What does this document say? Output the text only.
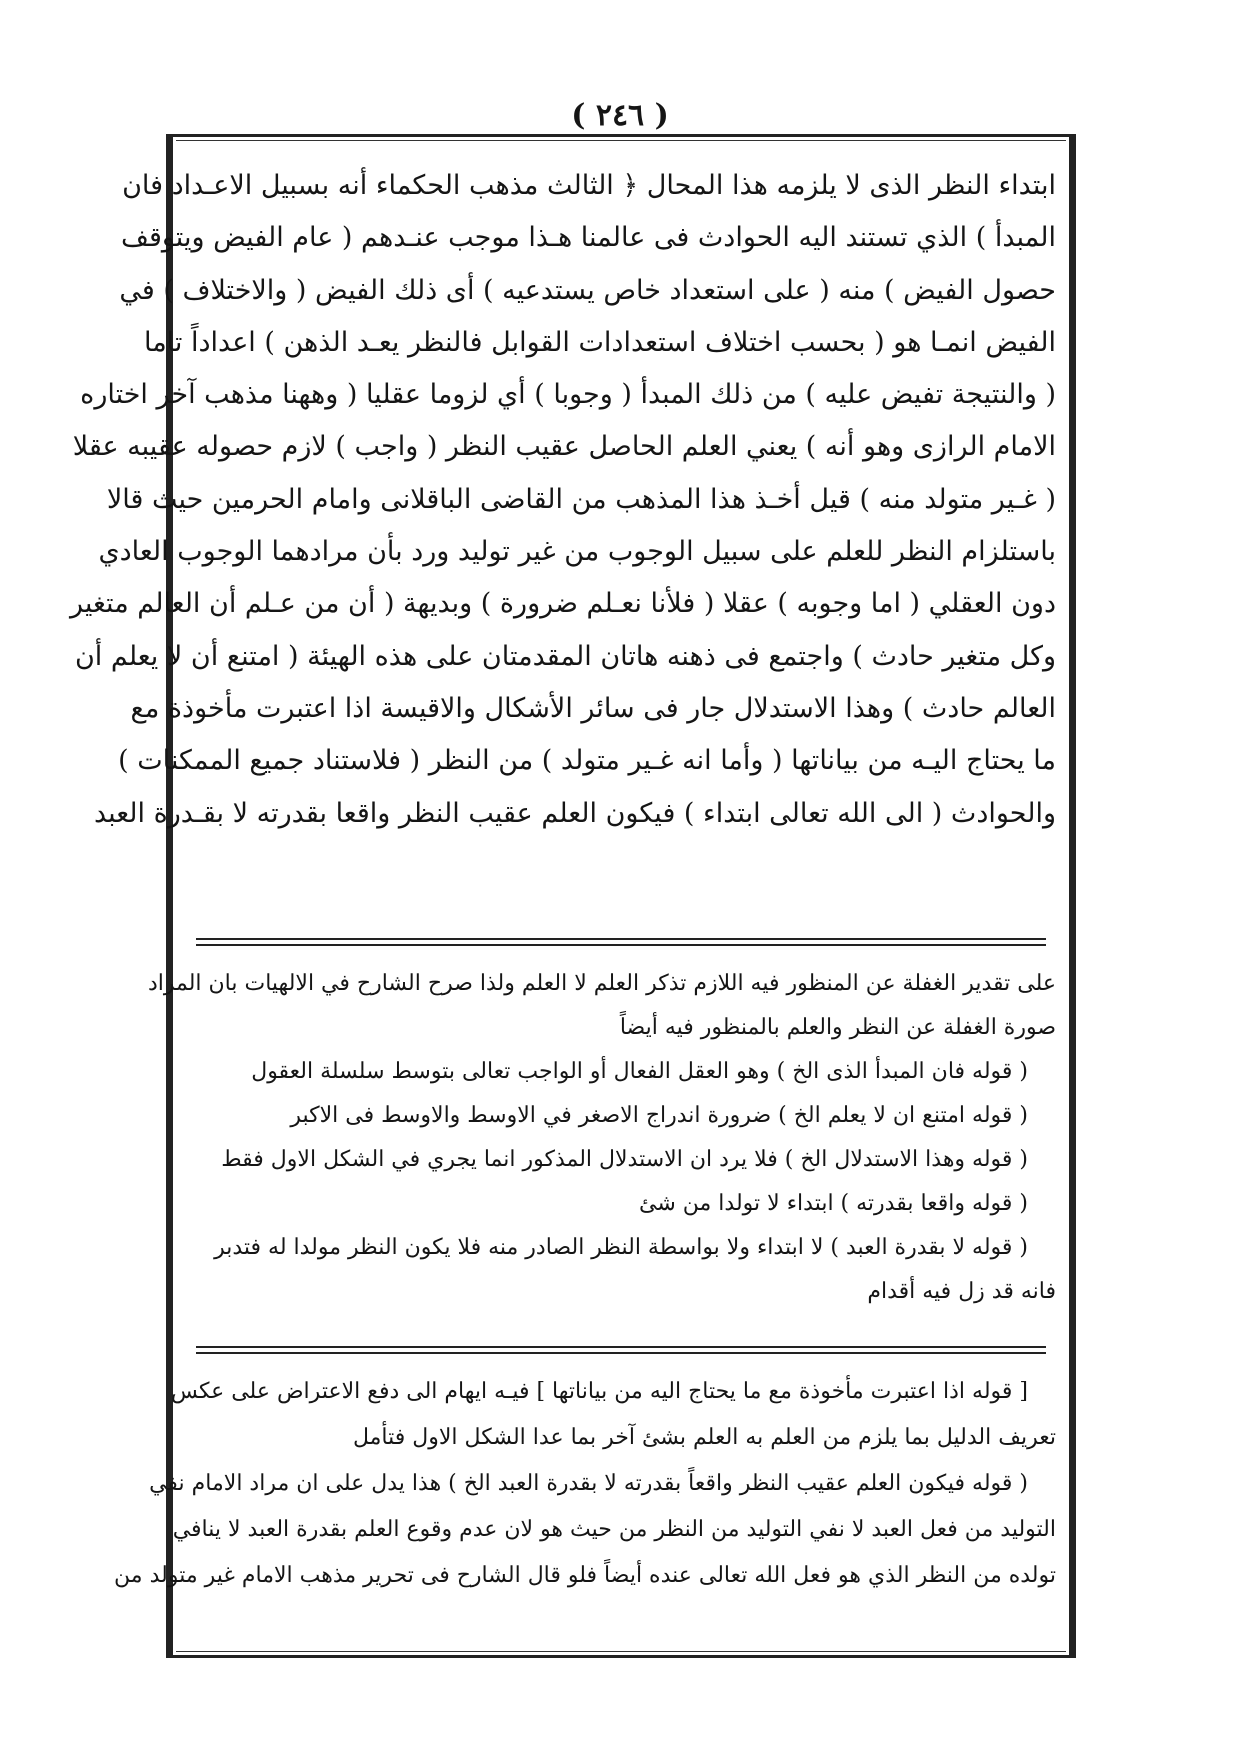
( ٢٤٦ )
ابتداء النظر الذى لا يلزمه هذا المحال ﴿ الثالث مذهب الحكماء أنه بسبيل الاعـداد فان
المبدأ ) الذي تستند اليه الحوادث فى عالمنا هـذا موجب عنـدهم ( عام الفيض ويتوقف
حصول الفيض ) منه ( على استعداد خاص يستدعيه ) أى ذلك الفيض ( والاختلاف ) في
الفيض انمـا هو ( بحسب اختلاف استعدادات القوابل فالنظر يعـد الذهن ) اعداداً تاما
( والنتيجة تفيض عليه ) من ذلك المبدأ ( وجوبا ) أي لزوما عقليا ( وههنا مذهب آخر اختاره
الامام الرازى وهو أنه ) يعني العلم الحاصل عقيب النظر ( واجب ) لازم حصوله عقيبه عقلا
( غـير متولد منه ) قيل أخـذ هذا المذهب من القاضى الباقلانى وامام الحرمين حيث قالا
باستلزام النظر للعلم على سبيل الوجوب من غير توليد ورد بأن مرادهما الوجوب العادي
دون العقلي ( اما وجوبه ) عقلا ( فلأنا نعـلم ضرورة ) وبديهة ( أن من عـلم أن العالم متغير
وكل متغير حادث ) واجتمع فى ذهنه هاتان المقدمتان على هذه الهيئة ( امتنع أن لا يعلم أن
العالم حادث ) وهذا الاستدلال جار فى سائر الأشكال والاقيسة اذا اعتبرت مأخوذة مع
ما يحتاج اليـه من بياناتها ( وأما انه غـير متولد ) من النظر ( فلاستناد جميع الممكنات )
والحوادث ( الى الله تعالى ابتداء ) فيكون العلم عقيب النظر واقعا بقدرته لا بقـدرة العبد
على تقدير الغفلة عن المنظور فيه اللازم تذكر العلم لا العلم ولذا صرح الشارح في الالهيات بان المراد
صورة الغفلة عن النظر والعلم بالمنظور فيه أيضاً
( قوله فان المبدأ الذى الخ ) وهو العقل الفعال أو الواجب تعالى بتوسط سلسلة العقول
( قوله امتنع ان لا يعلم الخ ) ضرورة اندراج الاصغر في الاوسط والاوسط فى الاكبر
( قوله وهذا الاستدلال الخ ) فلا يرد ان الاستدلال المذكور انما يجري في الشكل الاول فقط
( قوله واقعا بقدرته ) ابتداء لا تولدا من شئ
( قوله لا بقدرة العبد ) لا ابتداء ولا بواسطة النظر الصادر منه فلا يكون النظر مولدا له فتدبر
فانه قد زل فيه أقدام
[ قوله اذا اعتبرت مأخوذة مع ما يحتاج اليه من بياناتها ] فيـه ايهام الى دفع الاعتراض على عكس
تعريف الدليل بما يلزم من العلم به العلم بشئ آخر بما عدا الشكل الاول فتأمل
( قوله فيكون العلم عقيب النظر واقعاً بقدرته لا بقدرة العبد الخ ) هذا يدل على ان مراد الامام نفي
التوليد من فعل العبد لا نفي التوليد من النظر من حيث هو لان عدم وقوع العلم بقدرة العبد لا ينافي
تولده من النظر الذي هو فعل الله تعالى عنده أيضاً فلو قال الشارح فى تحرير مذهب الامام غير متولد من
